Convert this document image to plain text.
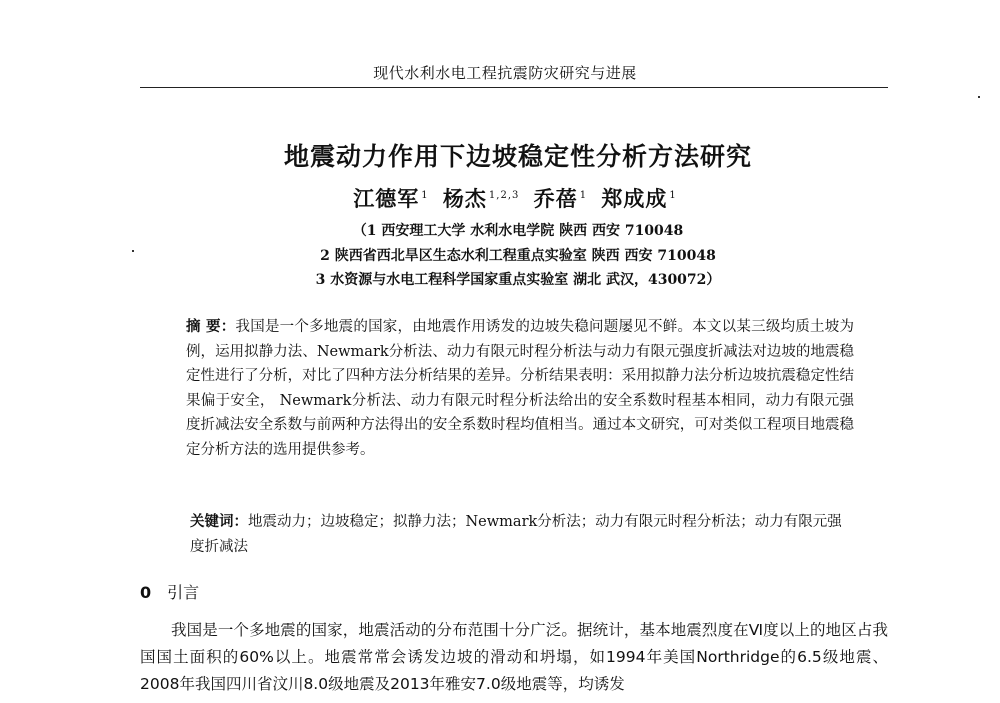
现代水利水电工程抗震防灾研究与进展
地震动力作用下边坡稳定性分析方法研究
江德军 $^1$ 杨杰 $^{1,2,3}$ 乔蓓 $^1$ 郑成成 $^1$
（1 西安理工大学 水利水电学院 陕西 西安 710048
2 陕西省西北旱区生态水利工程重点实验室 陕西 西安 710048
3 水资源与水电工程科学国家重点实验室 湖北 武汉，430072）
摘 要：我国是一个多地震的国家，由地震作用诱发的边坡失稳问题屡见不鲜。本文以某三级均质土坡为例，运用拟静力法、Newmark分析法、动力有限元时程分析法与动力有限元强度折减法对边坡的地震稳定性进行了分析，对比了四种方法分析结果的差异。分析结果表明：采用拟静力法分析边坡抗震稳定性结果偏于安全， Newmark分析法、动力有限元时程分析法给出的安全系数时程基本相同，动力有限元强度折减法安全系数与前两种方法得出的安全系数时程均值相当。通过本文研究，可对类似工程项目地震稳定分析方法的选用提供参考。
关键词：地震动力；边坡稳定；拟静力法；Newmark分析法；动力有限元时程分析法；动力有限元强度折减法
0 引言
我国是一个多地震的国家，地震活动的分布范围十分广泛。据统计，基本地震烈度在Ⅵ度以上的地区占我国国土面积的60%以上。地震常常会诱发边坡的滑动和坍塌，如1994年美国Northridge的6.5级地震、2008年我国四川省汶川8.0级地震及2013年雅安7.0级地震等，均诱发
